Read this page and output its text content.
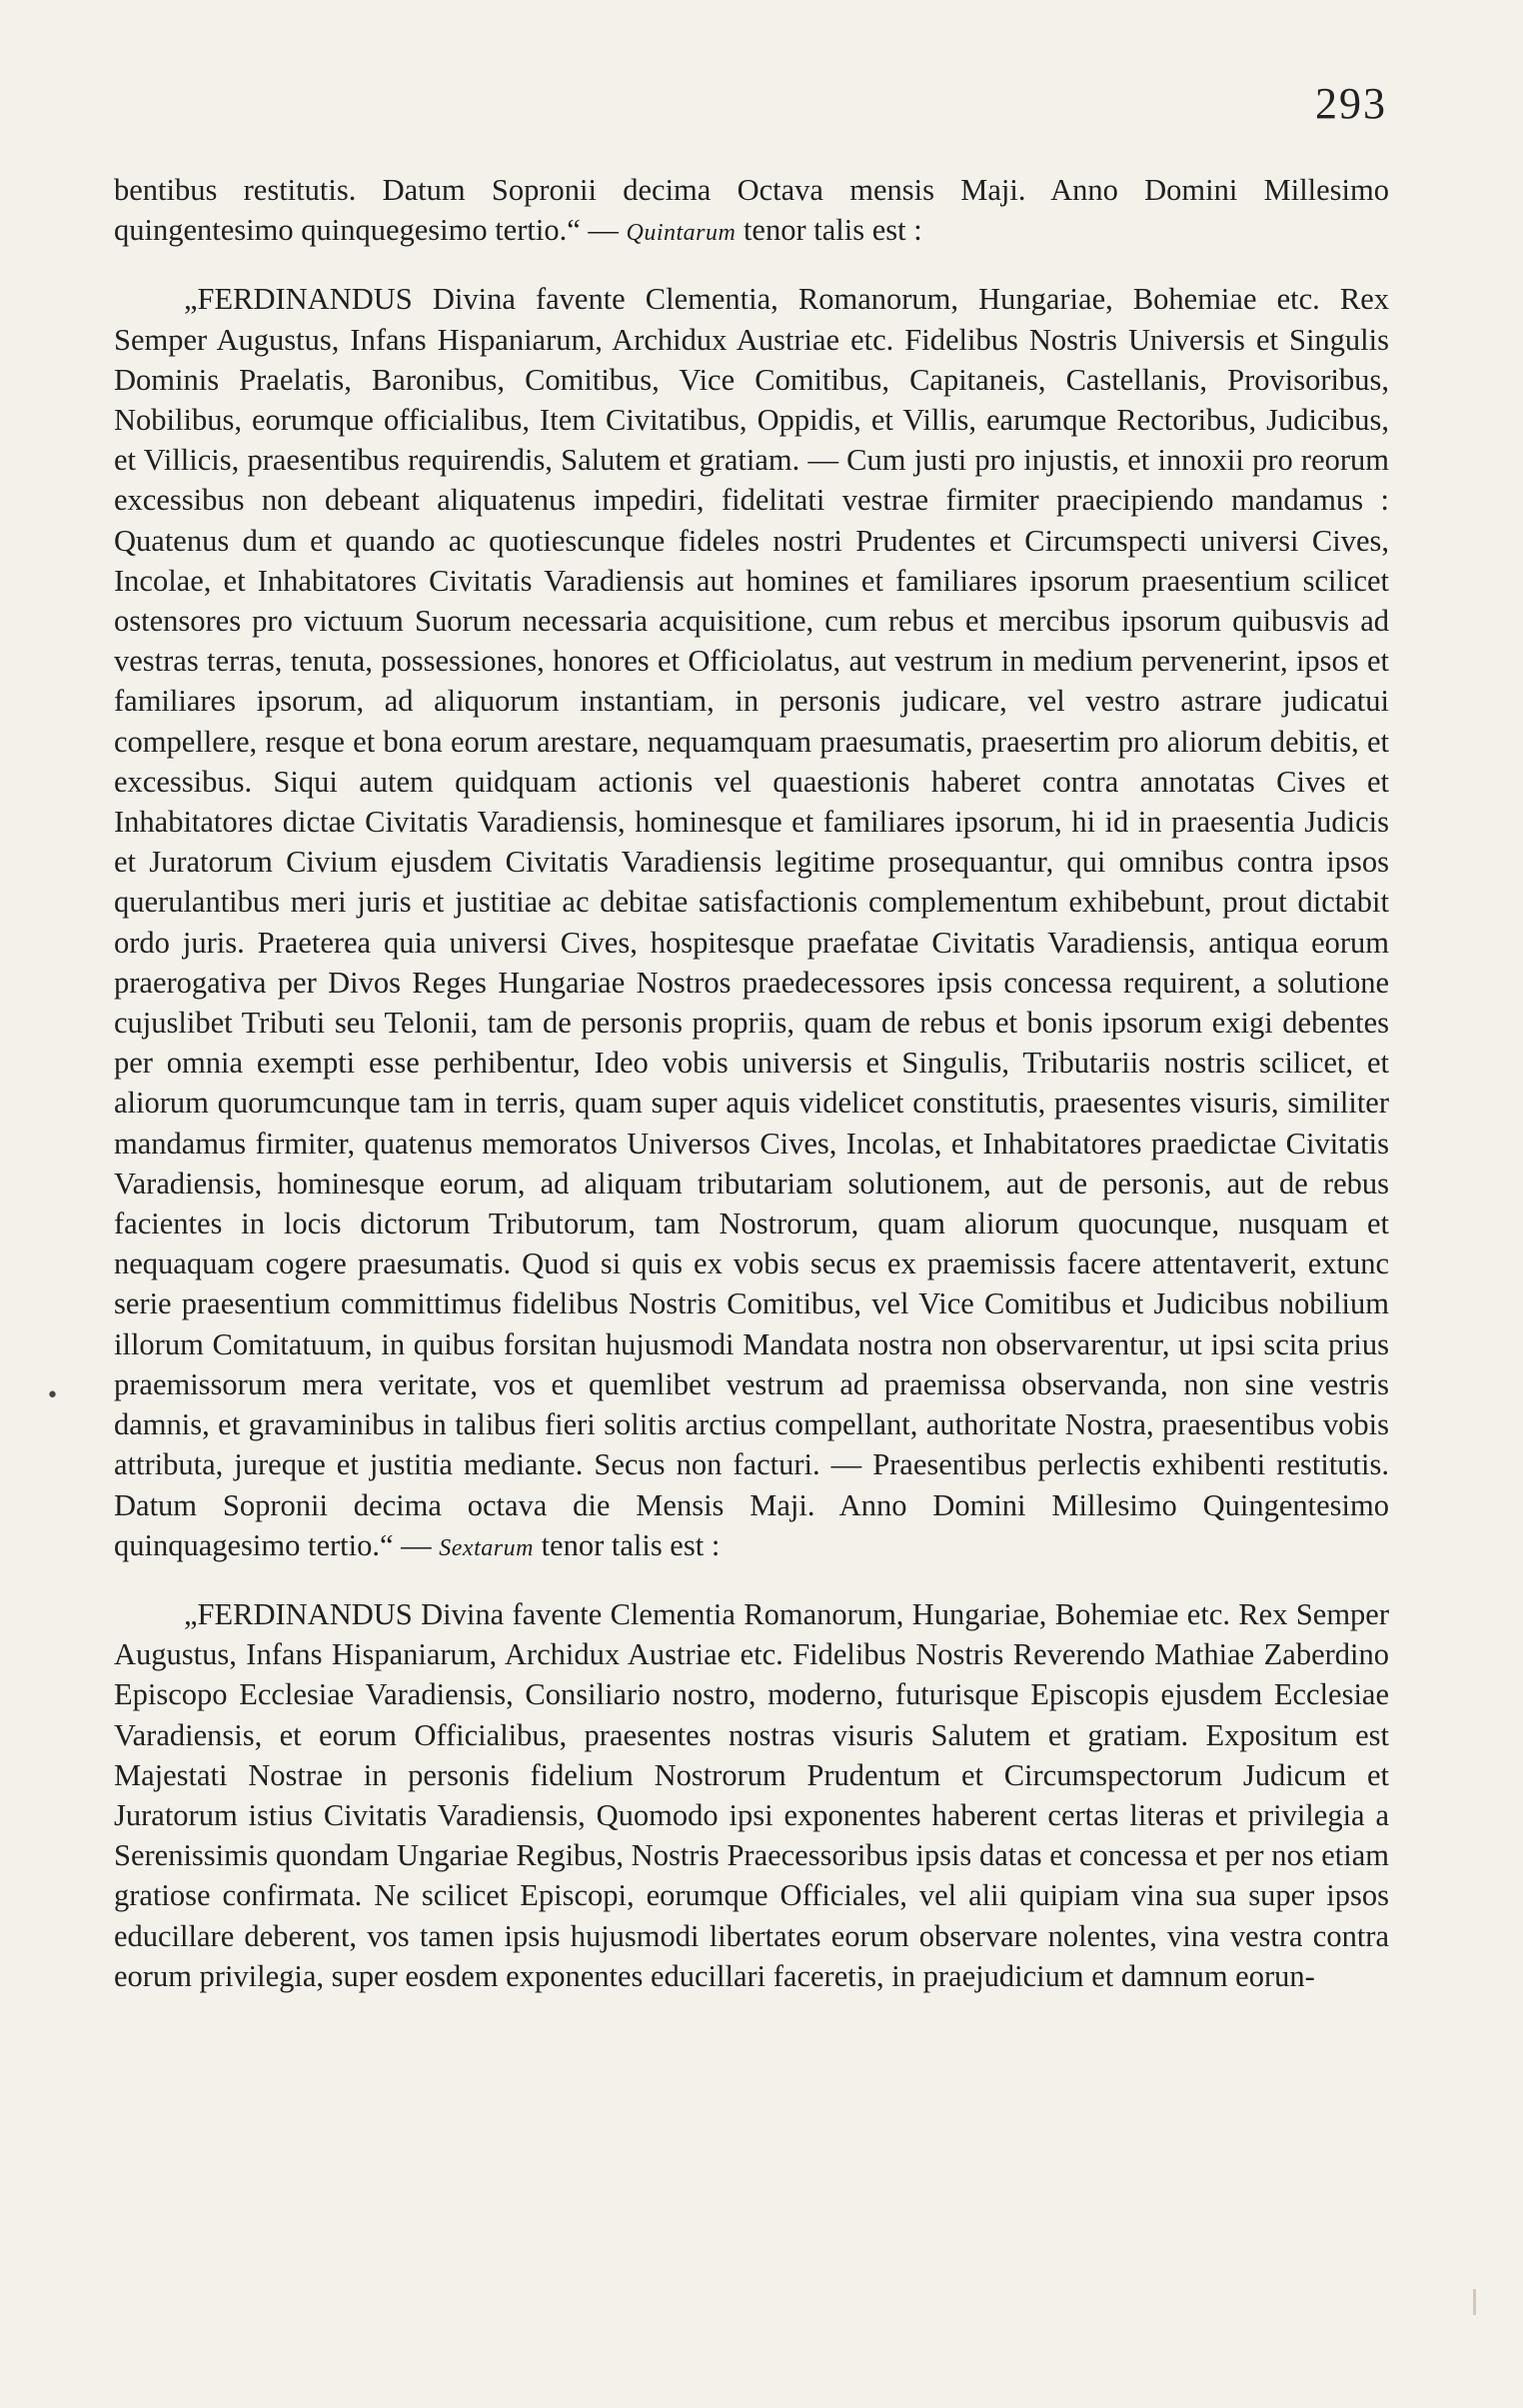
293

bentibus restitutis. Datum Sopronii decima Octava mensis Maji. Anno Domini Millesimo quingentesimo quinquegesimo tertio.“ — Quintarum tenor talis est :

„FERDINANDUS Divina favente Clementia, Romanorum, Hungariae, Bohemiae etc. Rex Semper Augustus, Infans Hispaniarum, Archidux Austriae etc. Fidelibus Nostris Universis et Singulis Dominis Praelatis, Baronibus, Comitibus, Vice Comitibus, Capitaneis, Castellanis, Provisoribus, Nobilibus, eorumque officialibus, Item Civitatibus, Oppidis, et Villis, earumque Rectoribus, Judicibus, et Villicis, praesentibus requirendis, Salutem et gratiam. — Cum justi pro injustis, et innoxii pro reorum excessibus non debeant aliquatenus impediri, fidelitati vestrae firmiter praecipiendo mandamus : Quatenus dum et quando ac quotiescunque fideles nostri Prudentes et Circumspecti universi Cives, Incolae, et Inhabitatores Civitatis Varadiensis aut homines et familiares ipsorum praesentium scilicet ostensores pro victuum Suorum necessaria acquisitione, cum rebus et mercibus ipsorum quibusvis ad vestras terras, tenuta, possessiones, honores et Officiolatus, aut vestrum in medium pervenerint, ipsos et familiares ipsorum, ad aliquorum instantiam, in personis judicare, vel vestro astrare judicatui compellere, resque et bona eorum arestare, nequamquam praesumatis, praesertim pro aliorum debitis, et excessibus. Siqui autem quidquam actionis vel quaestionis haberet contra annotatas Cives et Inhabitatores dictae Civitatis Varadiensis, hominesque et familiares ipsorum, hi id in praesentia Judicis et Juratorum Civium ejusdem Civitatis Varadiensis legitime prosequantur, qui omnibus contra ipsos querulantibus meri juris et justitiae ac debitae satisfactionis complementum exhibebunt, prout dictabit ordo juris. Praeterea quia universi Cives, hospitesque praefatae Civitatis Varadiensis, antiqua eorum praerogativa per Divos Reges Hungariae Nostros praedecessores ipsis concessa requirent, a solutione cujuslibet Tributi seu Telonii, tam de personis propriis, quam de rebus et bonis ipsorum exigi debentes per omnia exempti esse perhibentur, Ideo vobis universis et Singulis, Tributariis nostris scilicet, et aliorum quorumcunque tam in terris, quam super aquis videlicet constitutis, praesentes visuris, similiter mandamus firmiter, quatenus memoratos Universos Cives, Incolas, et Inhabitatores praedictae Civitatis Varadiensis, hominesque eorum, ad aliquam tributariam solutionem, aut de personis, aut de rebus facientes in locis dictorum Tributorum, tam Nostrorum, quam aliorum quocunque, nusquam et nequaquam cogere praesumatis. Quod si quis ex vobis secus ex praemissis facere attentaverit, extunc serie praesentium committimus fidelibus Nostris Comitibus, vel Vice Comitibus et Judicibus nobilium illorum Comitatuum, in quibus forsitan hujusmodi Mandata nostra non observarentur, ut ipsi scita prius praemissorum mera veritate, vos et quemlibet vestrum ad praemissa observanda, non sine vestris damnis, et gravaminibus in talibus fieri solitis arctius compellant, authoritate Nostra, praesentibus vobis attributa, jureque et justitia mediante. Secus non facturi. — Praesentibus perlectis exhibenti restitutis. Datum Sopronii decima octava die Mensis Maji. Anno Domini Millesimo Quingentesimo quinquagesimo tertio.“ — Sextarum tenor talis est :

„FERDINANDUS Divina favente Clementia Romanorum, Hungariae, Bohemiae etc. Rex Semper Augustus, Infans Hispaniarum, Archidux Austriae etc. Fidelibus Nostris Reverendo Mathiae Zaberdino Episcopo Ecclesiae Varadiensis, Consiliario nostro, moderno, futurisque Episcopis ejusdem Ecclesiae Varadiensis, et eorum Officialibus, praesentes nostras visuris Salutem et gratiam. Expositum est Majestati Nostrae in personis fidelium Nostrorum Prudentum et Circumspectorum Judicum et Juratorum istius Civitatis Varadiensis, Quomodo ipsi exponentes haberent certas literas et privilegia a Serenissimis quondam Ungariae Regibus, Nostris Praecessoribus ipsis datas et concessa et per nos etiam gratiose confirmata. Ne scilicet Episcopi, eorumque Officiales, vel alii quipiam vina sua super ipsos educillare deberent, vos tamen ipsis hujusmodi libertates eorum observare nolentes, vina vestra contra eorum privilegia, super eosdem exponentes educillari faceretis, in praejudicium et damnum eorun-

•
